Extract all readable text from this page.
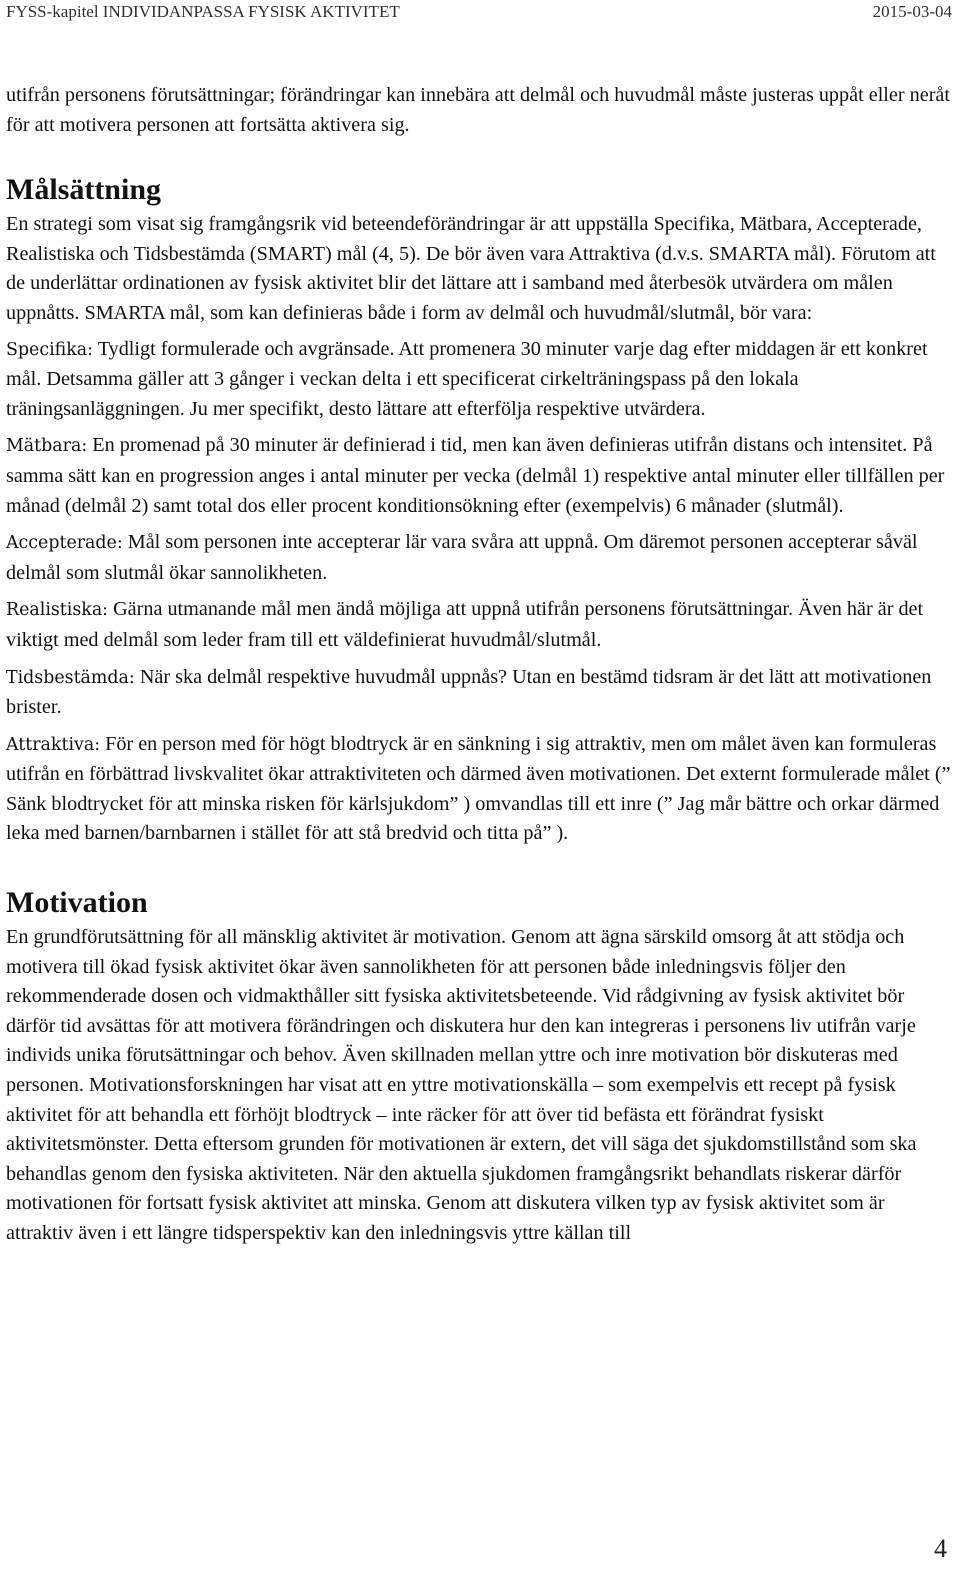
FYSS-kapitel INDIVIDANPASSA FYSISK AKTIVITET	2015-03-04

utifrån personens förutsättningar; förändringar kan innebära att delmål och huvudmål måste justeras uppåt eller neråt för att motivera personen att fortsätta aktivera sig.

Målsättning

En strategi som visat sig framgångsrik vid beteendeförändringar är att uppställa Specifika, Mätbara, Accepterade, Realistiska och Tidsbestämda (SMART) mål (4, 5). De bör även vara Attraktiva (d.v.s. SMARTA mål). Förutom att de underlättar ordinationen av fysisk aktivitet blir det lättare att i samband med återbesök utvärdera om målen uppnåtts. SMARTA mål, som kan definieras både i form av delmål och huvudmål/slutmål, bör vara:

Specifika: Tydligt formulerade och avgränsade. Att promenera 30 minuter varje dag efter middagen är ett konkret mål. Detsamma gäller att 3 gånger i veckan delta i ett specificerat cirkelträningspass på den lokala träningsanläggningen. Ju mer specifikt, desto lättare att efterfölja respektive utvärdera.

Mätbara: En promenad på 30 minuter är definierad i tid, men kan även definieras utifrån distans och intensitet. På samma sätt kan en progression anges i antal minuter per vecka (delmål 1) respektive antal minuter eller tillfällen per månad (delmål 2) samt total dos eller procent konditionsökning efter (exempelvis) 6 månader (slutmål).

Accepterade: Mål som personen inte accepterar lär vara svåra att uppnå. Om däremot personen accepterar såväl delmål som slutmål ökar sannolikheten.

Realistiska: Gärna utmanande mål men ändå möjliga att uppnå utifrån personens förutsättningar. Även här är det viktigt med delmål som leder fram till ett väldefinierat huvudmål/slutmål.

Tidsbestämda: När ska delmål respektive huvudmål uppnås? Utan en bestämd tidsram är det lätt att motivationen brister.

Attraktiva: För en person med för högt blodtryck är en sänkning i sig attraktiv, men om målet även kan formuleras utifrån en förbättrad livskvalitet ökar attraktiviteten och därmed även motivationen. Det externt formulerade målet (” Sänk blodtrycket för att minska risken för kärlsjukdom” ) omvandlas till ett inre (” Jag mår bättre och orkar därmed leka med barnen/barnbarnen i stället för att stå bredvid och titta på” ).

Motivation

En grundförutsättning för all mänsklig aktivitet är motivation. Genom att ägna särskild omsorg åt att stödja och motivera till ökad fysisk aktivitet ökar även sannolikheten för att personen både inledningsvis följer den rekommenderade dosen och vidmakthåller sitt fysiska aktivitetsbeteende. Vid rådgivning av fysisk aktivitet bör därför tid avsättas för att motivera förändringen och diskutera hur den kan integreras i personens liv utifrån varje individs unika förutsättningar och behov. Även skillnaden mellan yttre och inre motivation bör diskuteras med personen. Motivationsforskningen har visat att en yttre motivationskälla – som exempelvis ett recept på fysisk aktivitet för att behandla ett förhöjt blodtryck – inte räcker för att över tid befästa ett förändrat fysiskt aktivitetsmönster. Detta eftersom grunden för motivationen är extern, det vill säga det sjukdomstillstånd som ska behandlas genom den fysiska aktiviteten. När den aktuella sjukdomen framgångsrikt behandlats riskerar därför motivationen för fortsatt fysisk aktivitet att minska. Genom att diskutera vilken typ av fysisk aktivitet som är attraktiv även i ett längre tidsperspektiv kan den inledningsvis yttre källan till

4
